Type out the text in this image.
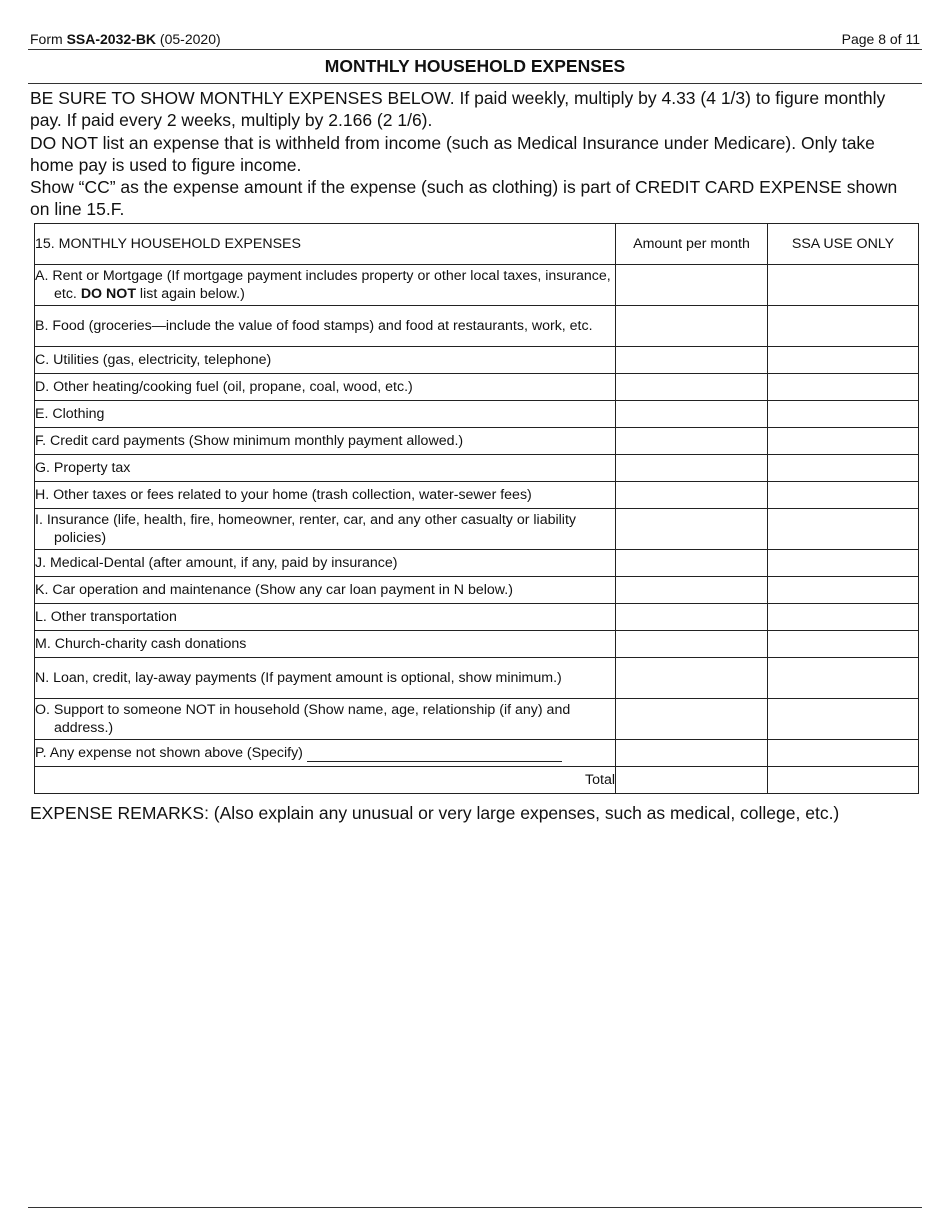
Form SSA-2032-BK (05-2020)	Page 8 of 11
MONTHLY HOUSEHOLD EXPENSES

BE SURE TO SHOW MONTHLY EXPENSES BELOW. If paid weekly, multiply by 4.33 (4 1/3) to figure monthly pay. If paid every 2 weeks, multiply by 2.166 (2 1/6).

DO NOT list an expense that is withheld from income (such as Medical Insurance under Medicare). Only take home pay is used to figure income.

Show “CC” as the expense amount if the expense (such as clothing) is part of CREDIT CARD EXPENSE shown on line 15.F.

15. MONTHLY HOUSEHOLD EXPENSES	Amount per month	SSA USE ONLY

A. Rent or Mortgage (If mortgage payment includes property or other local taxes, insurance, etc. DO NOT list again below.)		

B. Food (groceries—include the value of food stamps) and food at restaurants, work, etc.		

C. Utilities (gas, electricity, telephone)		

D. Other heating/cooking fuel (oil, propane, coal, wood, etc.)		

E. Clothing		

F. Credit card payments (Show minimum monthly payment allowed.)		

G. Property tax		

H. Other taxes or fees related to your home (trash collection, water-sewer fees)		

I. Insurance (life, health, fire, homeowner, renter, car, and any other casualty or liability policies)		

J. Medical-Dental (after amount, if any, paid by insurance)		

K. Car operation and maintenance (Show any car loan payment in N below.)		

L. Other transportation		

M. Church-charity cash donations		

N. Loan, credit, lay-away payments (If payment amount is optional, show minimum.)		

O. Support to someone NOT in household (Show name, age, relationship (if any) and address.)		

P. Any expense not shown above (Specify)		
Total		
EXPENSE REMARKS: (Also explain any unusual or very large expenses, such as medical, college, etc.)
